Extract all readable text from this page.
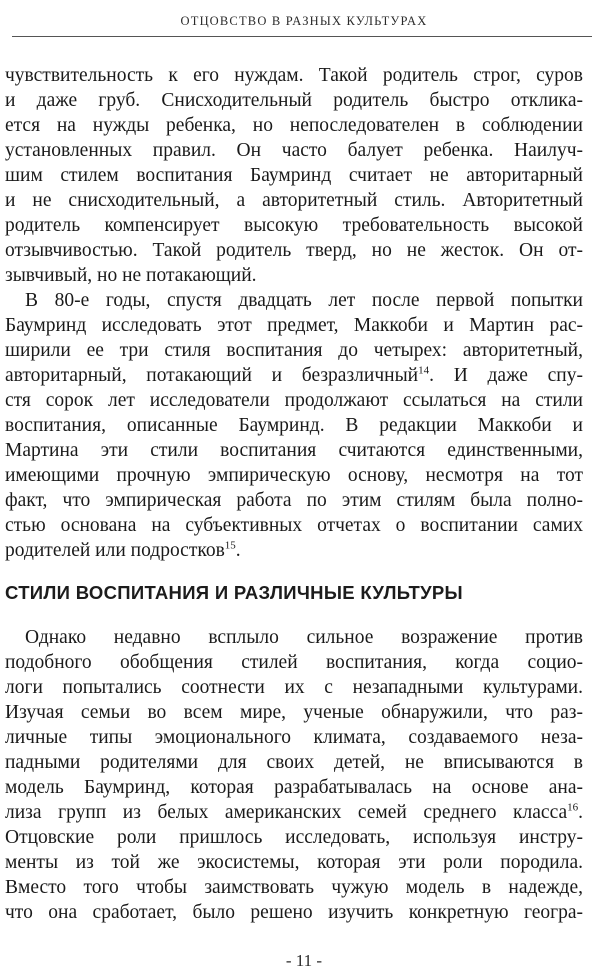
ОТЦОВСТВО В РАЗНЫХ КУЛЬТУРАХ
чувствительность к его нуждам. Такой родитель строг, суров
и даже груб. Снисходительный родитель быстро откликa-
ется на нужды ребенка, но непоследователен в соблюдении
установленных правил. Он часто балует ребенка. Наилуч-
шим стилем воспитания Баумринд считает не авторитарный
и не снисходительный, а авторитетный стиль. Авторитетный
родитель компенсирует высокую требовательность высокой
отзывчивостью. Такой родитель тверд, но не жесток. Он от-
зывчивый, но не потакающий.
В 80-е годы, спустя двадцать лет после первой попытки
Баумринд исследовать этот предмет, Маккоби и Мартин рас-
ширили ее три стиля воспитания до четырех: авторитетный,
авторитарный, потакающий и безразличный$^{14}$. И даже спу-
стя сорок лет исследователи продолжают ссылаться на стили
воспитания, описанные Баумринд. В редакции Маккоби и
Мартина эти стили воспитания считаются единственными,
имеющими прочную эмпирическую основу, несмотря на тот
факт, что эмпирическая работа по этим стилям была полно-
стью основана на субъективных отчетах о воспитании самих
родителей или подростков$^{15}$.
СТИЛИ ВОСПИТАНИЯ И РАЗЛИЧНЫЕ КУЛЬТУРЫ
Однако недавно всплыло сильное возражение против
подобного обобщения стилей воспитания, когда социо-
логи попытались соотнести их с незападными культурами.
Изучая семьи во всем мире, ученые обнаружили, что раз-
личные типы эмоционального климата, создаваемого неза-
падными родителями для своих детей, не вписываются в
модель Баумринд, которая разрабатывалась на основе ана-
лиза групп из белых американских семей среднего класса$^{16}$.
Отцовские роли пришлось исследовать, используя инстру-
менты из той же экосистемы, которая эти роли породила.
Вместо того чтобы заимствовать чужую модель в надежде,
что она сработает, было решено изучить конкретную геогра-
- 11 -
